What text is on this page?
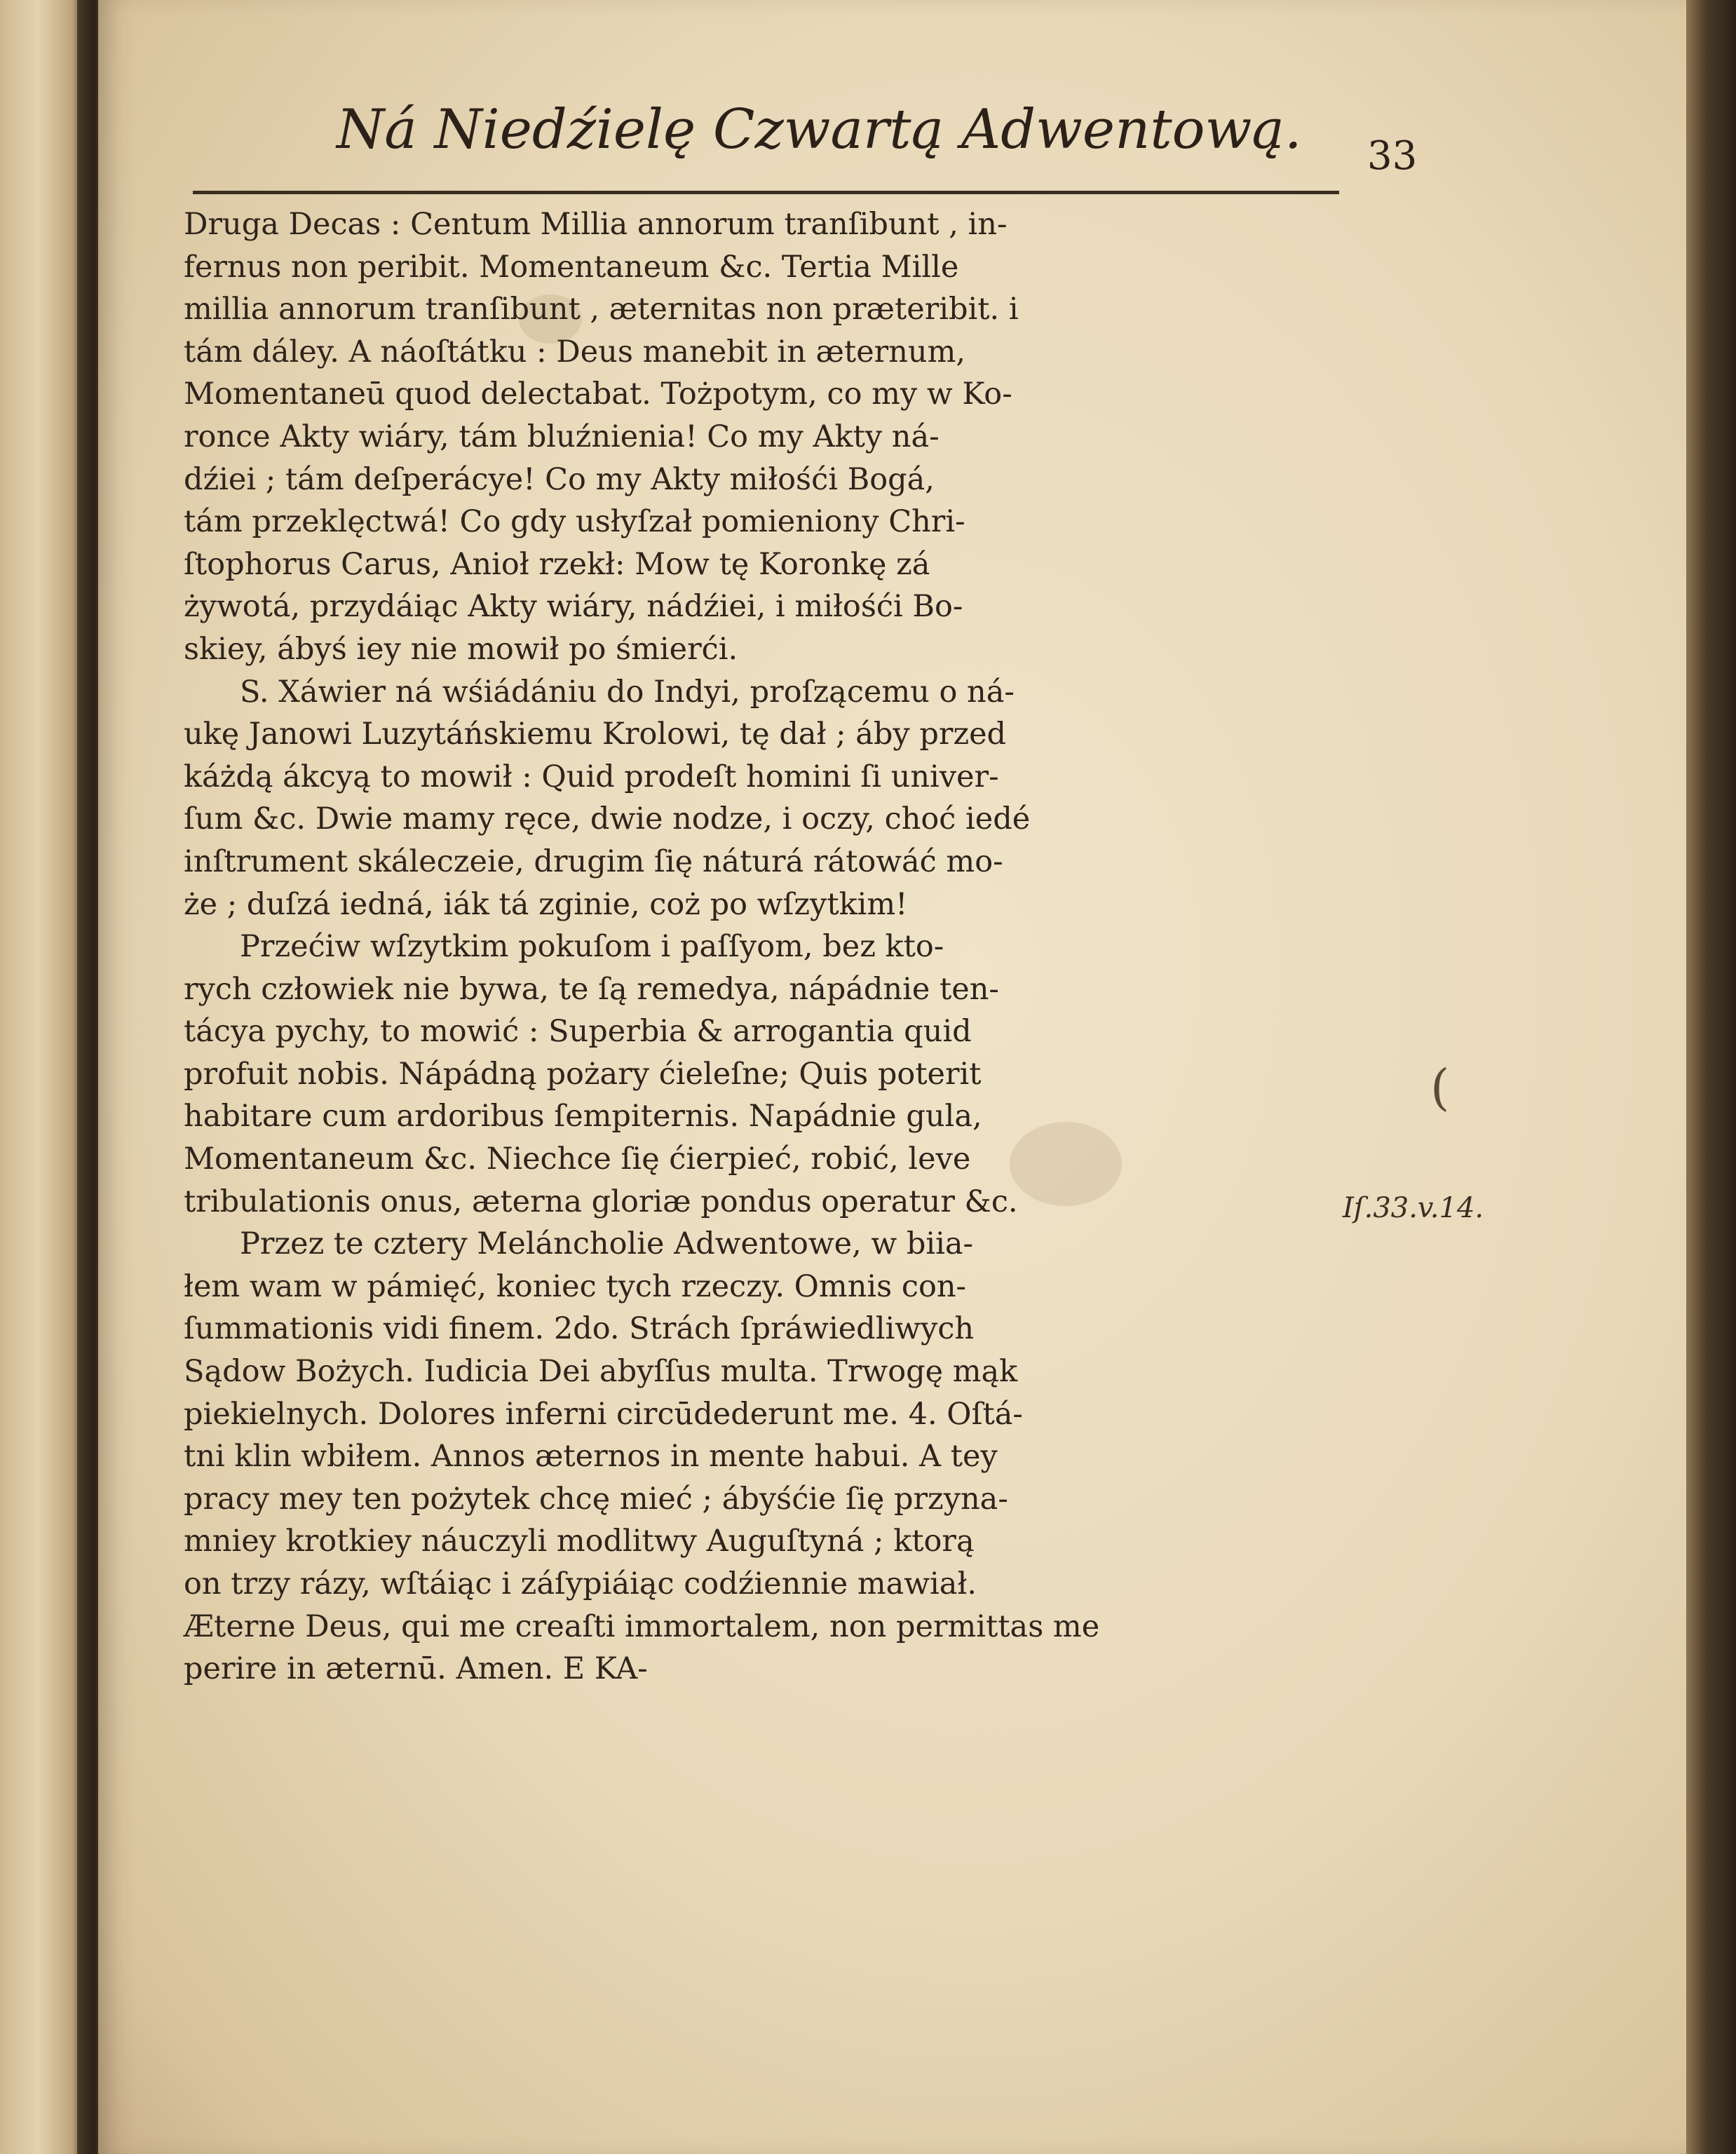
Ná Niedźielę Czwartą Adwentową.	33
Druga Decas : Centum Millia annorum tranſibunt , in-
fernus non peribit. Momentaneum &c. Tertia Mille
millia annorum tranſibunt , æternitas non præteribit. i
tám dáley. A náoſtátku : Deus manebit in æternum,
Momentaneū quod delectabat. Tożpotym, co my w Ko-
ronce Akty wiáry, tám bluźnienia! Co my Akty ná-
dźiei ; tám deſperácye! Co my Akty miłośći Bogá,
tám przeklęctwá! Co gdy usłyſzał pomieniony Chri-
ſtophorus Carus, Anioł rzekł: Mow tę Koronkę zá
żywotá, przydáiąc Akty wiáry, nádźiei, i miłośći Bo-
skiey, ábyś iey nie mowił po śmierći.
S. Xáwier ná wśiádániu do Indyi, proſzącemu o ná-
ukę Janowi Luzytáńskiemu Krolowi, tę dał ; áby przed
káżdą ákcyą to mowił : Quid prodeſt homini ſi univer-
ſum &c. Dwie mamy ręce, dwie nodze, i oczy, choć iedé
inſtrument skáleczeie, drugim ſię náturá rátowáć mo-
że ; duſzá iedná, iák tá zginie, coż po wſzytkim!
Przećiw wſzytkim pokuſom i paſſyom, bez kto-
rych człowiek nie bywa, te ſą remedya, nápádnie ten-
tácya pychy, to mowić : Superbia & arrogantia quid
profuit nobis. Nápádną pożary ćieleſne; Quis poterit
habitare cum ardoribus ſempiternis. Napádnie gula,
Momentaneum &c. Niechce ſię ćierpieć, robić, leve
tribulationis onus, æterna gloriæ pondus operatur &c.
Przez te cztery Meláncholie Adwentowe, w biia-
łem wam w pámięć, koniec tych rzeczy. Omnis con-
ſummationis vidi finem. 2do. Strách ſpráwiedliwych
Sądow Bożych. Iudicia Dei abyſſus multa. Trwogę mąk
piekielnych. Dolores inferni circūdederunt me. 4. Oſtá-
tni klin wbiłem. Annos æternos in mente habui. A tey
pracy mey ten pożytek chcę mieć ; ábyśćie ſię przyna-
mniey krotkiey náuczyli modlitwy Auguſtyná ; ktorą
on trzy rázy, wſtáiąc i záſypiáiąc codźiennie mawiał.
Æterne Deus, qui me creaſti immortalem, non permittas me
perire in æternū. Amen. E KA-
(
Iſ.33.v.14.
